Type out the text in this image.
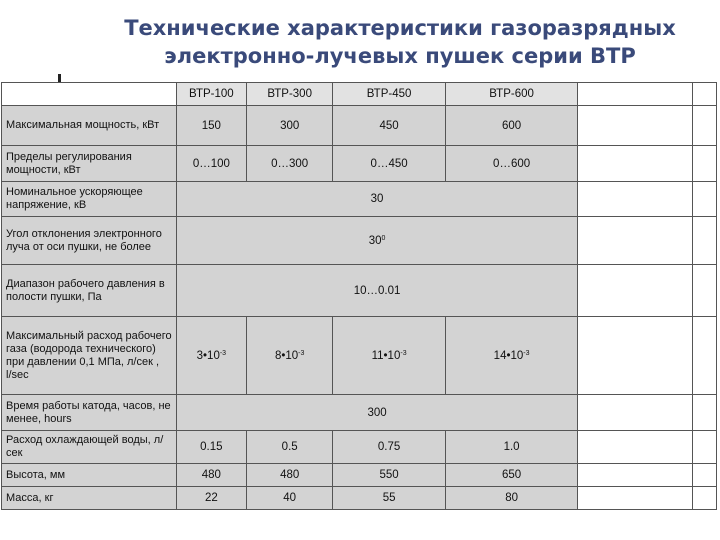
Технические характеристики газоразрядных
электронно-лучевых пушек серии ВТР
	ВТР-100	ВТР-300	ВТР-450	ВТР-600		
Максимальная мощность, кВт	150	300	450	600		
Пределы регулирования мощности, кВт	0…100	0…300	0…450	0…600		
Номинальное ускоряющее напряжение, кВ	30					
Угол отклонения электронного луча от оси пушки, не более	$30^0$		
Диапазон рабочего давления в полости пушки, Па	10…0.01					
Максимальный расход рабочего газа (водорода технического) при давлении 0,1 МПа, л/сек , l/sec	$3•10^{-3}$	$8•10^{-3}$	$11•10^{-3}$	$14•10^{-3}$		
Время работы катода, часов, не менее, hours	300					
Расход охлаждающей воды, л/сек	0.15	0.5	0.75	1.0		
Высота, мм	480	480	550	650		
Масса, кг	22	40	55	80		
